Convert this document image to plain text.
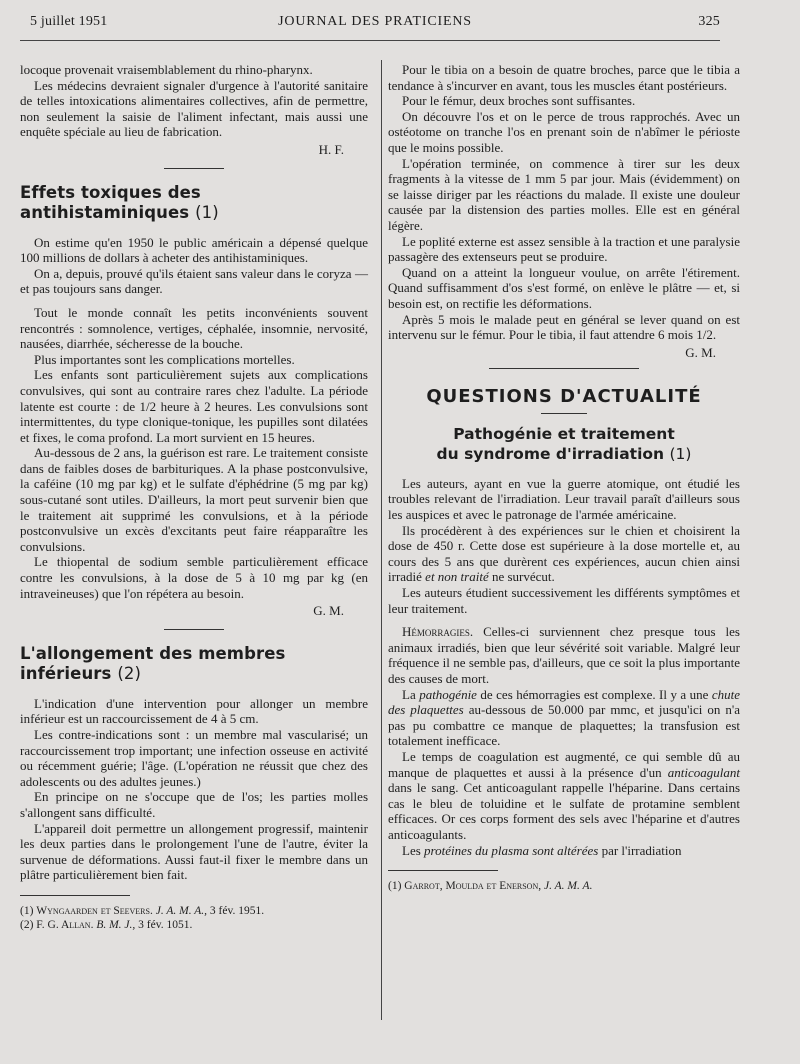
5 juillet 1951	JOURNAL DES PRATICIENS	325

locoque provenait vraisemblablement du rhino-pharynx.

Les médecins devraient signaler d'urgence à l'autorité sanitaire de telles intoxications alimentaires collectives, afin de permettre, non seulement la saisie de l'aliment infectant, mais aussi une enquête spéciale au lieu de fabrication.

H. F.
Effets toxiques des antihistaminiques (1)

On estime qu'en 1950 le public américain a dépensé quelque 100 millions de dollars à acheter des antihistaminiques.

On a, depuis, prouvé qu'ils étaient sans valeur dans le coryza — et pas toujours sans danger.

Tout le monde connaît les petits inconvénients souvent rencontrés : somnolence, vertiges, céphalée, insomnie, nervosité, nausées, diarrhée, sécheresse de la bouche.

Plus importantes sont les complications mortelles.

Les enfants sont particulièrement sujets aux complications convulsives, qui sont au contraire rares chez l'adulte. La période latente est courte : de 1/2 heure à 2 heures. Les convulsions sont intermittentes, du type clonique-tonique, les pupilles sont dilatées et fixes, le coma profond. La mort survient en 15 heures.

Au-dessous de 2 ans, la guérison est rare. Le traitement consiste dans de faibles doses de barbituriques. A la phase postconvulsive, la caféine (10 mg par kg) et le sulfate d'éphédrine (5 mg par kg) sous-cutané sont utiles. D'ailleurs, la mort peut survenir bien que le traitement ait supprimé les convulsions, et à la période postconvulsive un excès d'excitants peut faire réapparaître les convulsions.

Le thiopental de sodium semble particulièrement efficace contre les convulsions, à la dose de 5 à 10 mg par kg (en intraveineuses) que l'on répétera au besoin.

G. M.
L'allongement des membres inférieurs (2)

L'indication d'une intervention pour allonger un membre inférieur est un raccourcissement de 4 à 5 cm.

Les contre-indications sont : un membre mal vascularisé; un raccourcissement trop important; une infection osseuse en activité ou récemment guérie; l'âge. (L'opération ne réussit que chez des adolescents ou des adultes jeunes.)

En principe on ne s'occupe que de l'os; les parties molles s'allongent sans difficulté.

L'appareil doit permettre un allongement progressif, maintenir les deux parties dans le prolongement l'une de l'autre, éviter la survenue de déformations. Aussi faut-il fixer le membre dans un plâtre particulièrement bien fait.

(1) Wyngaarden et Seevers. J. A. M. A., 3 fév. 1951.

(2) F. G. Allan. B. M. J., 3 fév. 1051.

Pour le tibia on a besoin de quatre broches, parce que le tibia a tendance à s'incurver en avant, tous les muscles étant postérieurs.

Pour le fémur, deux broches sont suffisantes.

On découvre l'os et on le perce de trous rapprochés. Avec un ostéotome on tranche l'os en prenant soin de n'abîmer le périoste que le moins possible.

L'opération terminée, on commence à tirer sur les deux fragments à la vitesse de 1 mm 5 par jour. Mais (évidemment) on se laisse diriger par les réactions du malade. Il existe une douleur causée par la distension des parties molles. Elle est en général légère.

Le poplité externe est assez sensible à la traction et une paralysie passagère des extenseurs peut se produire.

Quand on a atteint la longueur voulue, on arrête l'étirement. Quand suffisamment d'os s'est formé, on enlève le plâtre — et, si besoin est, on rectifie les déformations.

Après 5 mois le malade peut en général se lever quand on est intervenu sur le fémur. Pour le tibia, il faut attendre 6 mois 1/2.

G. M.
QUESTIONS D'ACTUALITÉ
Pathogénie et traitement
du syndrome d'irradiation (1)

Les auteurs, ayant en vue la guerre atomique, ont étudié les troubles relevant de l'irradiation. Leur travail paraît d'ailleurs sous les auspices et avec le patronage de l'armée américaine.

Ils procédèrent à des expériences sur le chien et choisirent la dose de 450 r. Cette dose est supérieure à la dose mortelle et, au cours des 5 ans que durèrent ces expériences, aucun chien ainsi irradié et non traité ne survécut.

Les auteurs étudient successivement les différents symptômes et leur traitement.

Hémorragies. Celles-ci surviennent chez presque tous les animaux irradiés, bien que leur sévérité soit variable. Malgré leur fréquence il ne semble pas, d'ailleurs, que ce soit la plus importante des causes de mort.

La pathogénie de ces hémorragies est complexe. Il y a une chute des plaquettes au-dessous de 50.000 par mmc, et jusqu'ici on n'a pas pu combattre ce manque de plaquettes; la transfusion est totalement inefficace.

Le temps de coagulation est augmenté, ce qui semble dû au manque de plaquettes et aussi à la présence d'un anticoagulant dans le sang. Cet anticoagulant rappelle l'héparine. Dans certains cas le bleu de toluidine et le sulfate de protamine semblent efficaces. Or ces corps forment des sels avec l'héparine et d'autres anticoagulants.

Les protéines du plasma sont altérées par l'irradiation

(1) Garrot, Moulda et Enerson, J. A. M. A.
